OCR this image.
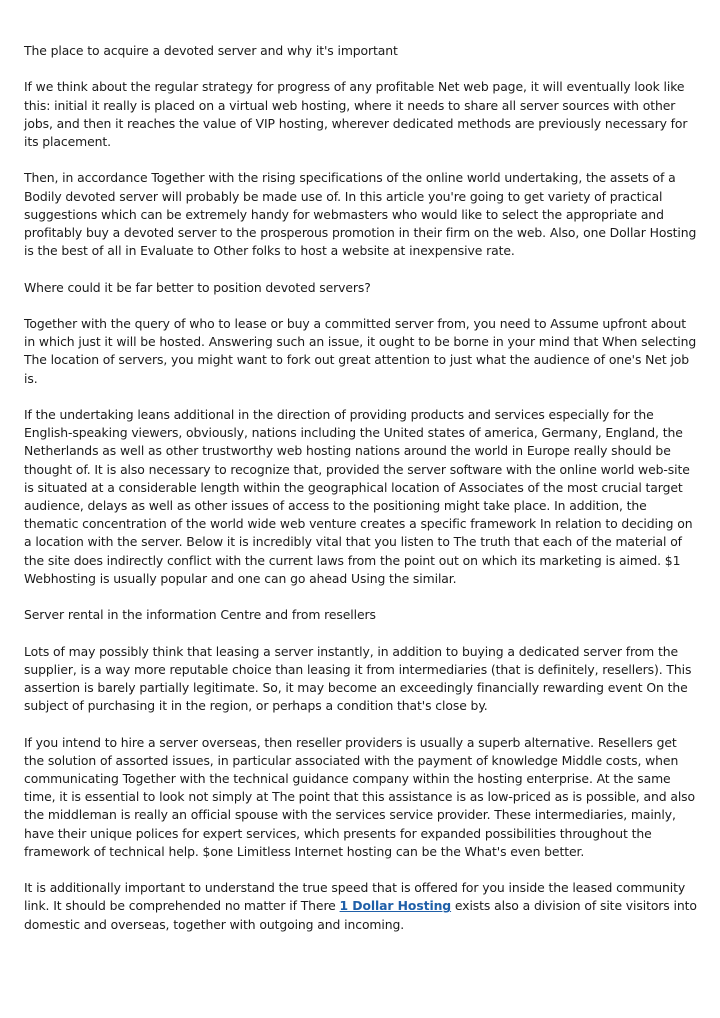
The place to acquire a devoted server and why it's important

If we think about the regular strategy for progress of any profitable Net web page, it will eventually look like this: initial it really is placed on a virtual web hosting, where it needs to share all server sources with other jobs, and then it reaches the value of VIP hosting, wherever dedicated methods are previously necessary for its placement.

Then, in accordance Together with the rising specifications of the online world undertaking, the assets of a Bodily devoted server will probably be made use of. In this article you're going to get variety of practical suggestions which can be extremely handy for webmasters who would like to select the appropriate and profitably buy a devoted server to the prosperous promotion in their firm on the web. Also, one Dollar Hosting is the best of all in Evaluate to Other folks to host a website at inexpensive rate.

Where could it be far better to position devoted servers?

Together with the query of who to lease or buy a committed server from, you need to Assume upfront about in which just it will be hosted. Answering such an issue, it ought to be borne in your mind that When selecting The location of servers, you might want to fork out great attention to just what the audience of one's Net job is.

If the undertaking leans additional in the direction of providing products and services especially for the English-speaking viewers, obviously, nations including the United states of america, Germany, England, the Netherlands as well as other trustworthy web hosting nations around the world in Europe really should be thought of. It is also necessary to recognize that, provided the server software with the online world web-site is situated at a considerable length within the geographical location of Associates of the most crucial target audience, delays as well as other issues of access to the positioning might take place. In addition, the thematic concentration of the world wide web venture creates a specific framework In relation to deciding on a location with the server. Below it is incredibly vital that you listen to The truth that each of the material of the site does indirectly conflict with the current laws from the point out on which its marketing is aimed. $1 Webhosting is usually popular and one can go ahead Using the similar.

Server rental in the information Centre and from resellers

Lots of may possibly think that leasing a server instantly, in addition to buying a dedicated server from the supplier, is a way more reputable choice than leasing it from intermediaries (that is definitely, resellers). This assertion is barely partially legitimate. So, it may become an exceedingly financially rewarding event On the subject of purchasing it in the region, or perhaps a condition that's close by.

If you intend to hire a server overseas, then reseller providers is usually a superb alternative. Resellers get the solution of assorted issues, in particular associated with the payment of knowledge Middle costs, when communicating Together with the technical guidance company within the hosting enterprise. At the same time, it is essential to look not simply at The point that this assistance is as low-priced as is possible, and also the middleman is really an official spouse with the services service provider. These intermediaries, mainly, have their unique polices for expert services, which presents for expanded possibilities throughout the framework of technical help. $one Limitless Internet hosting can be the What's even better.

It is additionally important to understand the true speed that is offered for you inside the leased community link. It should be comprehended no matter if There 1 Dollar Hosting exists also a division of site visitors into domestic and overseas, together with outgoing and incoming.
